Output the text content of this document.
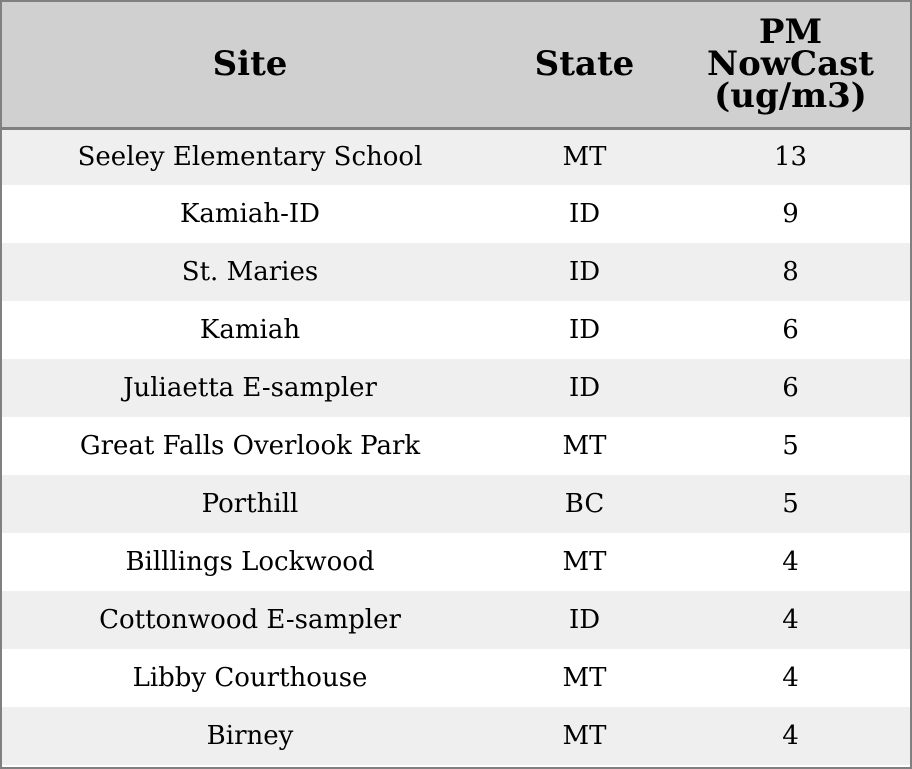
Site	State	PM
NowCast
(ug/m3)
Seeley Elementary School	MT	13
Kamiah-ID	ID	9
St. Maries	ID	8
Kamiah	ID	6
Juliaetta E-sampler	ID	6
Great Falls Overlook Park	MT	5
Porthill	BC	5
Billlings Lockwood	MT	4
Cottonwood E-sampler	ID	4
Libby Courthouse	MT	4
Birney	MT	4
